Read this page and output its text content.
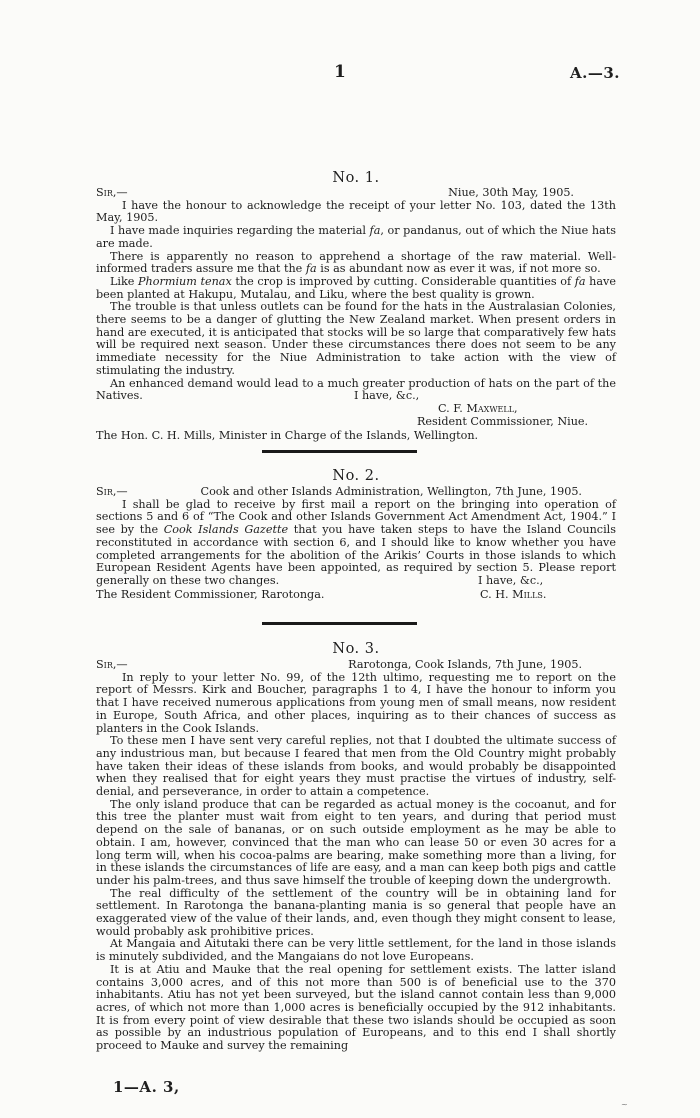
1	A.—3.

No. 1.

Sir,—	Niue, 30th May, 1905.

I have the honour to acknowledge the receipt of your letter No. 103, dated the 13th May, 1905.

I have made inquiries regarding the material fa, or pandanus, out of which the Niue hats are made.

There is apparently no reason to apprehend a shortage of the raw material. Well-informed traders assure me that the fa is as abundant now as ever it was, if not more so.

Like Phormium tenax the crop is improved by cutting. Considerable quantities of fa have been planted at Hakupu, Mutalau, and Liku, where the best quality is grown.

The trouble is that unless outlets can be found for the hats in the Australasian Colonies, there seems to be a danger of glutting the New Zealand market. When present orders in hand are executed, it is anticipated that stocks will be so large that comparatively few hats will be required next season. Under these circumstances there does not seem to be any immediate necessity for the Niue Administration to take action with the view of stimulating the industry.

An enhanced demand would lead to a much greater production of hats on the part of the Natives.	I have, &c.,
C. F. Maxwell,
Resident Commissioner, Niue.
The Hon. C. H. Mills, Minister in Charge of the Islands, Wellington.

No. 2.

Sir,—	Cook and other Islands Administration, Wellington, 7th June, 1905.

I shall be glad to receive by first mail a report on the bringing into operation of sections 5 and 6 of “The Cook and other Islands Government Act Amendment Act, 1904.” I see by the Cook Islands Gazette that you have taken steps to have the Island Councils reconstituted in accordance with section 6, and I should like to know whether you have completed arrangements for the abolition of the Arikis’ Courts in those islands to which European Resident Agents have been appointed, as required by section 5. Please report generally on these two changes.	I have, &c.,
The Resident Commissioner, Rarotonga.	C. H. Mills.

No. 3.

Sir,—	Rarotonga, Cook Islands, 7th June, 1905.

In reply to your letter No. 99, of the 12th ultimo, requesting me to report on the report of Messrs. Kirk and Boucher, paragraphs 1 to 4, I have the honour to inform you that I have received numerous applications from young men of small means, now resident in Europe, South Africa, and other places, inquiring as to their chances of success as planters in the Cook Islands.

To these men I have sent very careful replies, not that I doubted the ultimate success of any industrious man, but because I feared that men from the Old Country might probably have taken their ideas of these islands from books, and would probably be disappointed when they realised that for eight years they must practise the virtues of industry, self-denial, and perseverance, in order to attain a competence.

The only island produce that can be regarded as actual money is the cocoanut, and for this tree the planter must wait from eight to ten years, and during that period must depend on the sale of bananas, or on such outside employment as he may be able to obtain. I am, however, convinced that the man who can lease 50 or even 30 acres for a long term will, when his cocoa-palms are bearing, make something more than a living, for in these islands the circumstances of life are easy, and a man can keep both pigs and cattle under his palm-trees, and thus save himself the trouble of keeping down the undergrowth.

The real difficulty of the settlement of the country will be in obtaining land for settlement. In Rarotonga the banana-planting mania is so general that people have an exaggerated view of the value of their lands, and, even though they might consent to lease, would probably ask prohibitive prices.

At Mangaia and Aitutaki there can be very little settlement, for the land in those islands is minutely subdivided, and the Mangaians do not love Europeans.

It is at Atiu and Mauke that the real opening for settlement exists. The latter island contains 3,000 acres, and of this not more than 500 is of beneficial use to the 370 inhabitants. Atiu has not yet been surveyed, but the island cannot contain less than 9,000 acres, of which not more than 1,000 acres is beneficially occupied by the 912 inhabitants. It is from every point of view desirable that these two islands should be occupied as soon as possible by an industrious population of Europeans, and to this end I shall shortly proceed to Mauke and survey the remaining

1—A. 3,
~
